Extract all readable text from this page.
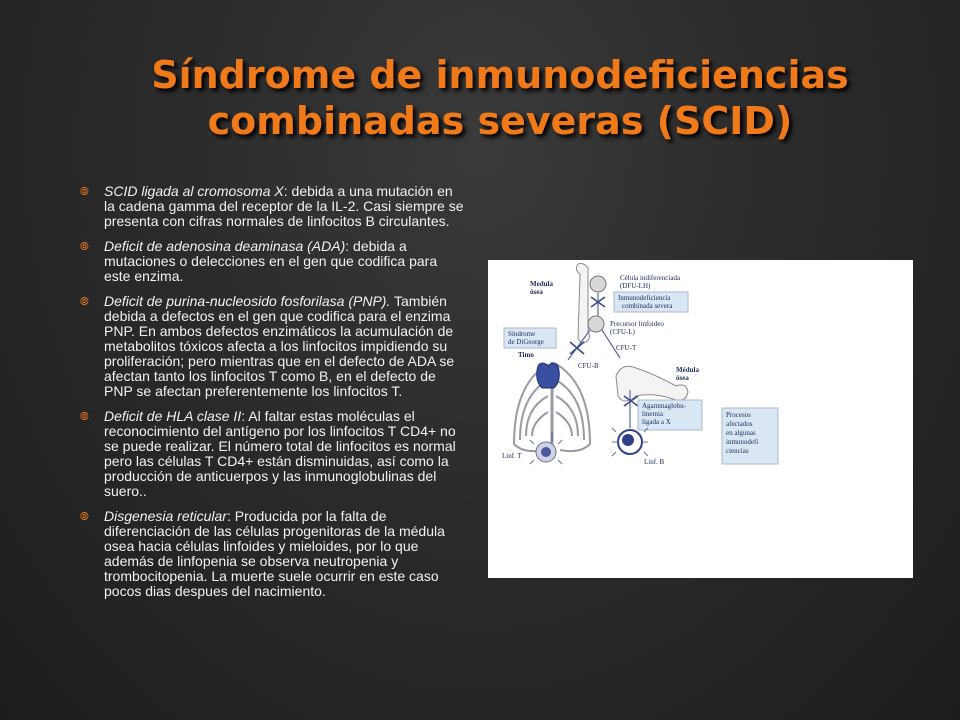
Síndrome de inmunodeficiencias
combinadas severas (SCID)
⦾ SCID ligada al cromosoma X: debida a una mutación en la cadena gamma del receptor de la IL-2. Casi siempre se presenta con cifras normales de linfocitos B circulantes.
⦾ Deficit de adenosina deaminasa (ADA): debida a mutaciones o delecciones en el gen que codifica para este enzima.
⦾ Deficit de purina-nucleosido fosforilasa (PNP). También debida a defectos en el gen que codifica para el enzima PNP. En ambos defectos enzimáticos la acumulación de metabolitos tóxicos afecta a los linfocitos impidiendo su proliferación; pero mientras que en el defecto de ADA se afectan tanto los linfocitos T como B, en el defecto de PNP se afectan preferentemente los linfocitos T.
⦾ Deficit de HLA clase II: Al faltar estas moléculas el reconocimiento del antígeno por los linfocitos T CD4+ no se puede realizar. El número total de linfocitos es normal pero las células T CD4+ están disminuidas, así como la producción de anticuerpos y las inmunoglobulinas del suero..
⦾ Disgenesia reticular: Producida por la falta de diferenciación de las células progenitoras de la médula osea hacia células linfoides y mieloides, por lo que además de linfopenia se observa neutropenia y trombocitopenia. La muerte suele ocurrir en este caso pocos dias despues del nacimiento.
Medula
ósea
Célula indiferenciada
(DFU-LH)
Inmunodeficiencia
combinada severa
Precursor linfoideo
(CFU-L)
Síndrome
de DiGeorge
Timo
CFU-B
CFU-T
Médula
ósea
Agammaglobu-
linemia
ligada a X
Linf. T
Linf. B
Procesos
afectados
en algunas
inmunodefi
ciencias
